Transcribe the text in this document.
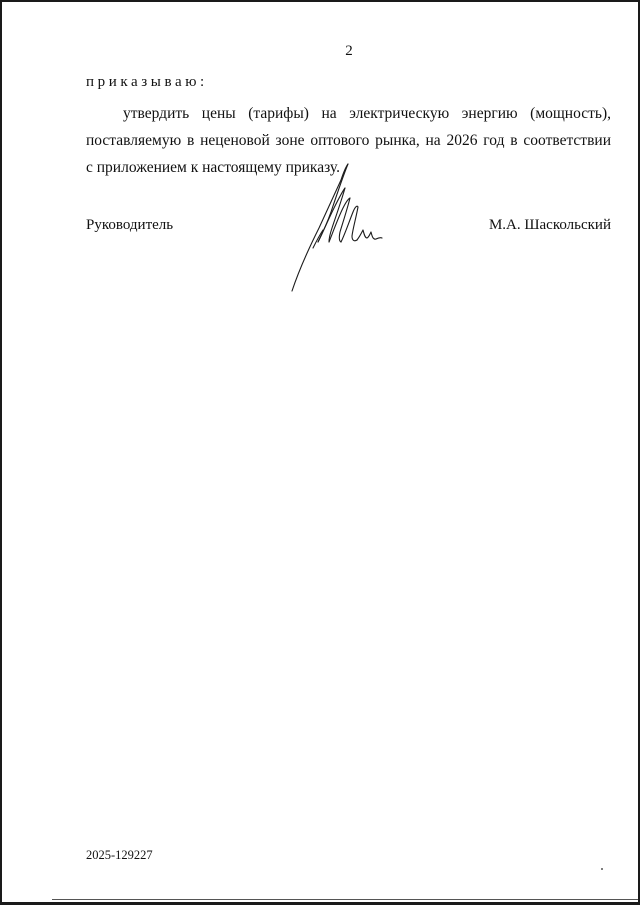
2
приказываю:
утвердить цены (тарифы) на электрическую энергию (мощность),
поставляемую в неценовой зоне оптового рынка, на 2026 год в соответствии
с приложением к настоящему приказу.
Руководитель	М.А. Шаскольский
2025-129227
